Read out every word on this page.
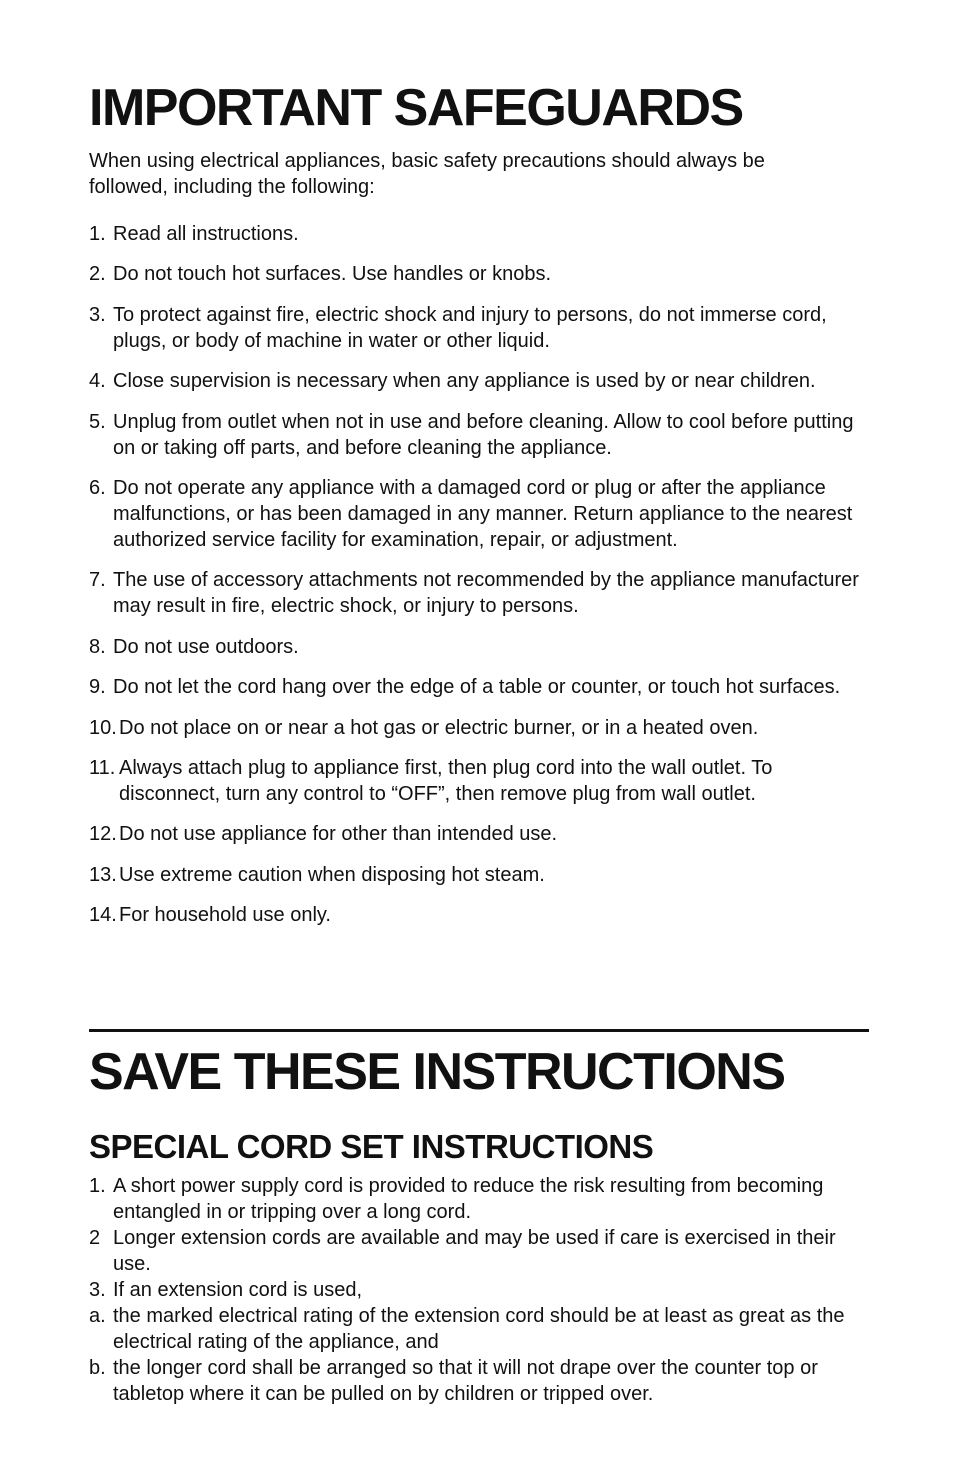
IMPORTANT SAFEGUARDS

When using electrical appliances, basic safety precautions should always be followed, including the following:

1. Read all instructions.
2. Do not touch hot surfaces. Use handles or knobs.
3. To protect against fire, electric shock and injury to persons, do not immerse cord, plugs, or body of machine in water or other liquid.
4. Close supervision is necessary when any appliance is used by or near children.
5. Unplug from outlet when not in use and before cleaning. Allow to cool before putting on or taking off parts, and before cleaning the appliance.
6. Do not operate any appliance with a damaged cord or plug or after the appliance malfunctions, or has been damaged in any manner. Return appliance to the nearest authorized service facility for examination, repair, or adjustment.
7. The use of accessory attachments not recommended by the appliance manufacturer may result in fire, electric shock, or injury to persons.
8. Do not use outdoors.
9. Do not let the cord hang over the edge of a table or counter, or touch hot surfaces.
10. Do not place on or near a hot gas or electric burner, or in a heated oven.
11. Always attach plug to appliance first, then plug cord into the wall outlet. To disconnect, turn any control to “OFF”, then remove plug from wall outlet.
12. Do not use appliance for other than intended use.
13. Use extreme caution when disposing hot steam.
14. For household use only.
SAVE THESE INSTRUCTIONS
SPECIAL CORD SET INSTRUCTIONS
1. A short power supply cord is provided to reduce the risk resulting from becoming entangled in or tripping over a long cord.
2 Longer extension cords are available and may be used if care is exercised in their use.
3. If an extension cord is used,
a. the marked electrical rating of the extension cord should be at least as great as the electrical rating of the appliance, and
b. the longer cord shall be arranged so that it will not drape over the counter top or tabletop where it can be pulled on by children or tripped over.
